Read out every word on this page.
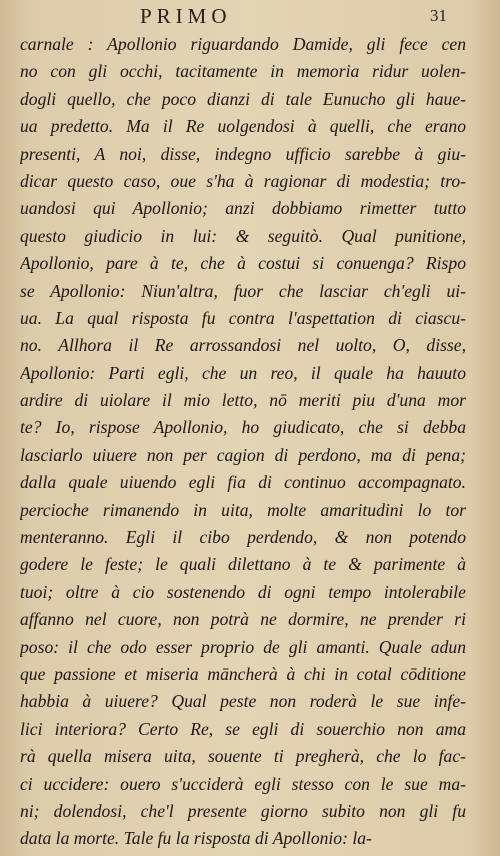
PRIMO	31
carnale : Apollonio riguardando Damide, gli fece cen
no con gli occhi, tacitamente in memoria ridur uolen-
dogli quello, che poco dianzi di tale Eunucho gli haue-
ua predetto. Ma il Re uolgendosi à quelli, che erano
presenti, A noi, disse, indegno ufficio sarebbe à giu-
dicar questo caso, oue s'ha à ragionar di modestia; tro-
uandosi qui Apollonio; anzi dobbiamo rimetter tutto
questo giudicio in lui: & seguitò. Qual punitione,
Apollonio, pare à te, che à costui si conuenga? Rispo
se Apollonio: Niun'altra, fuor che lasciar ch'egli ui-
ua. La qual risposta fu contra l'aspettation di ciascu-
no. Allhora il Re arrossandosi nel uolto, O, disse,
Apollonio: Parti egli, che un reo, il quale ha hauuto
ardire di uiolare il mio letto, nō meriti piu d'una mor
te? Io, rispose Apollonio, ho giudicato, che si debba
lasciarlo uiuere non per cagion di perdono, ma di pena;
dalla quale uiuendo egli fia di continuo accompagnato.
percioche rimanendo in uita, molte amaritudini lo tor
menteranno. Egli il cibo perdendo, & non potendo
godere le feste; le quali dilettano à te & parimente à
tuoi; oltre à cio sostenendo di ogni tempo intolerabile
affanno nel cuore, non potrà ne dormire, ne prender ri
poso: il che odo esser proprio de gli amanti. Quale adun
que passione et miseria māncherà à chi in cotal cōditione
habbia à uiuere? Qual peste non roderà le sue infe-
lici interiora? Certo Re, se egli di souerchio non ama
rà quella misera uita, souente ti pregherà, che lo fac-
ci uccidere: ouero s'ucciderà egli stesso con le sue ma-
ni; dolendosi, che'l presente giorno subito non gli fu
data la morte. Tale fu la risposta di Apollonio: la-
